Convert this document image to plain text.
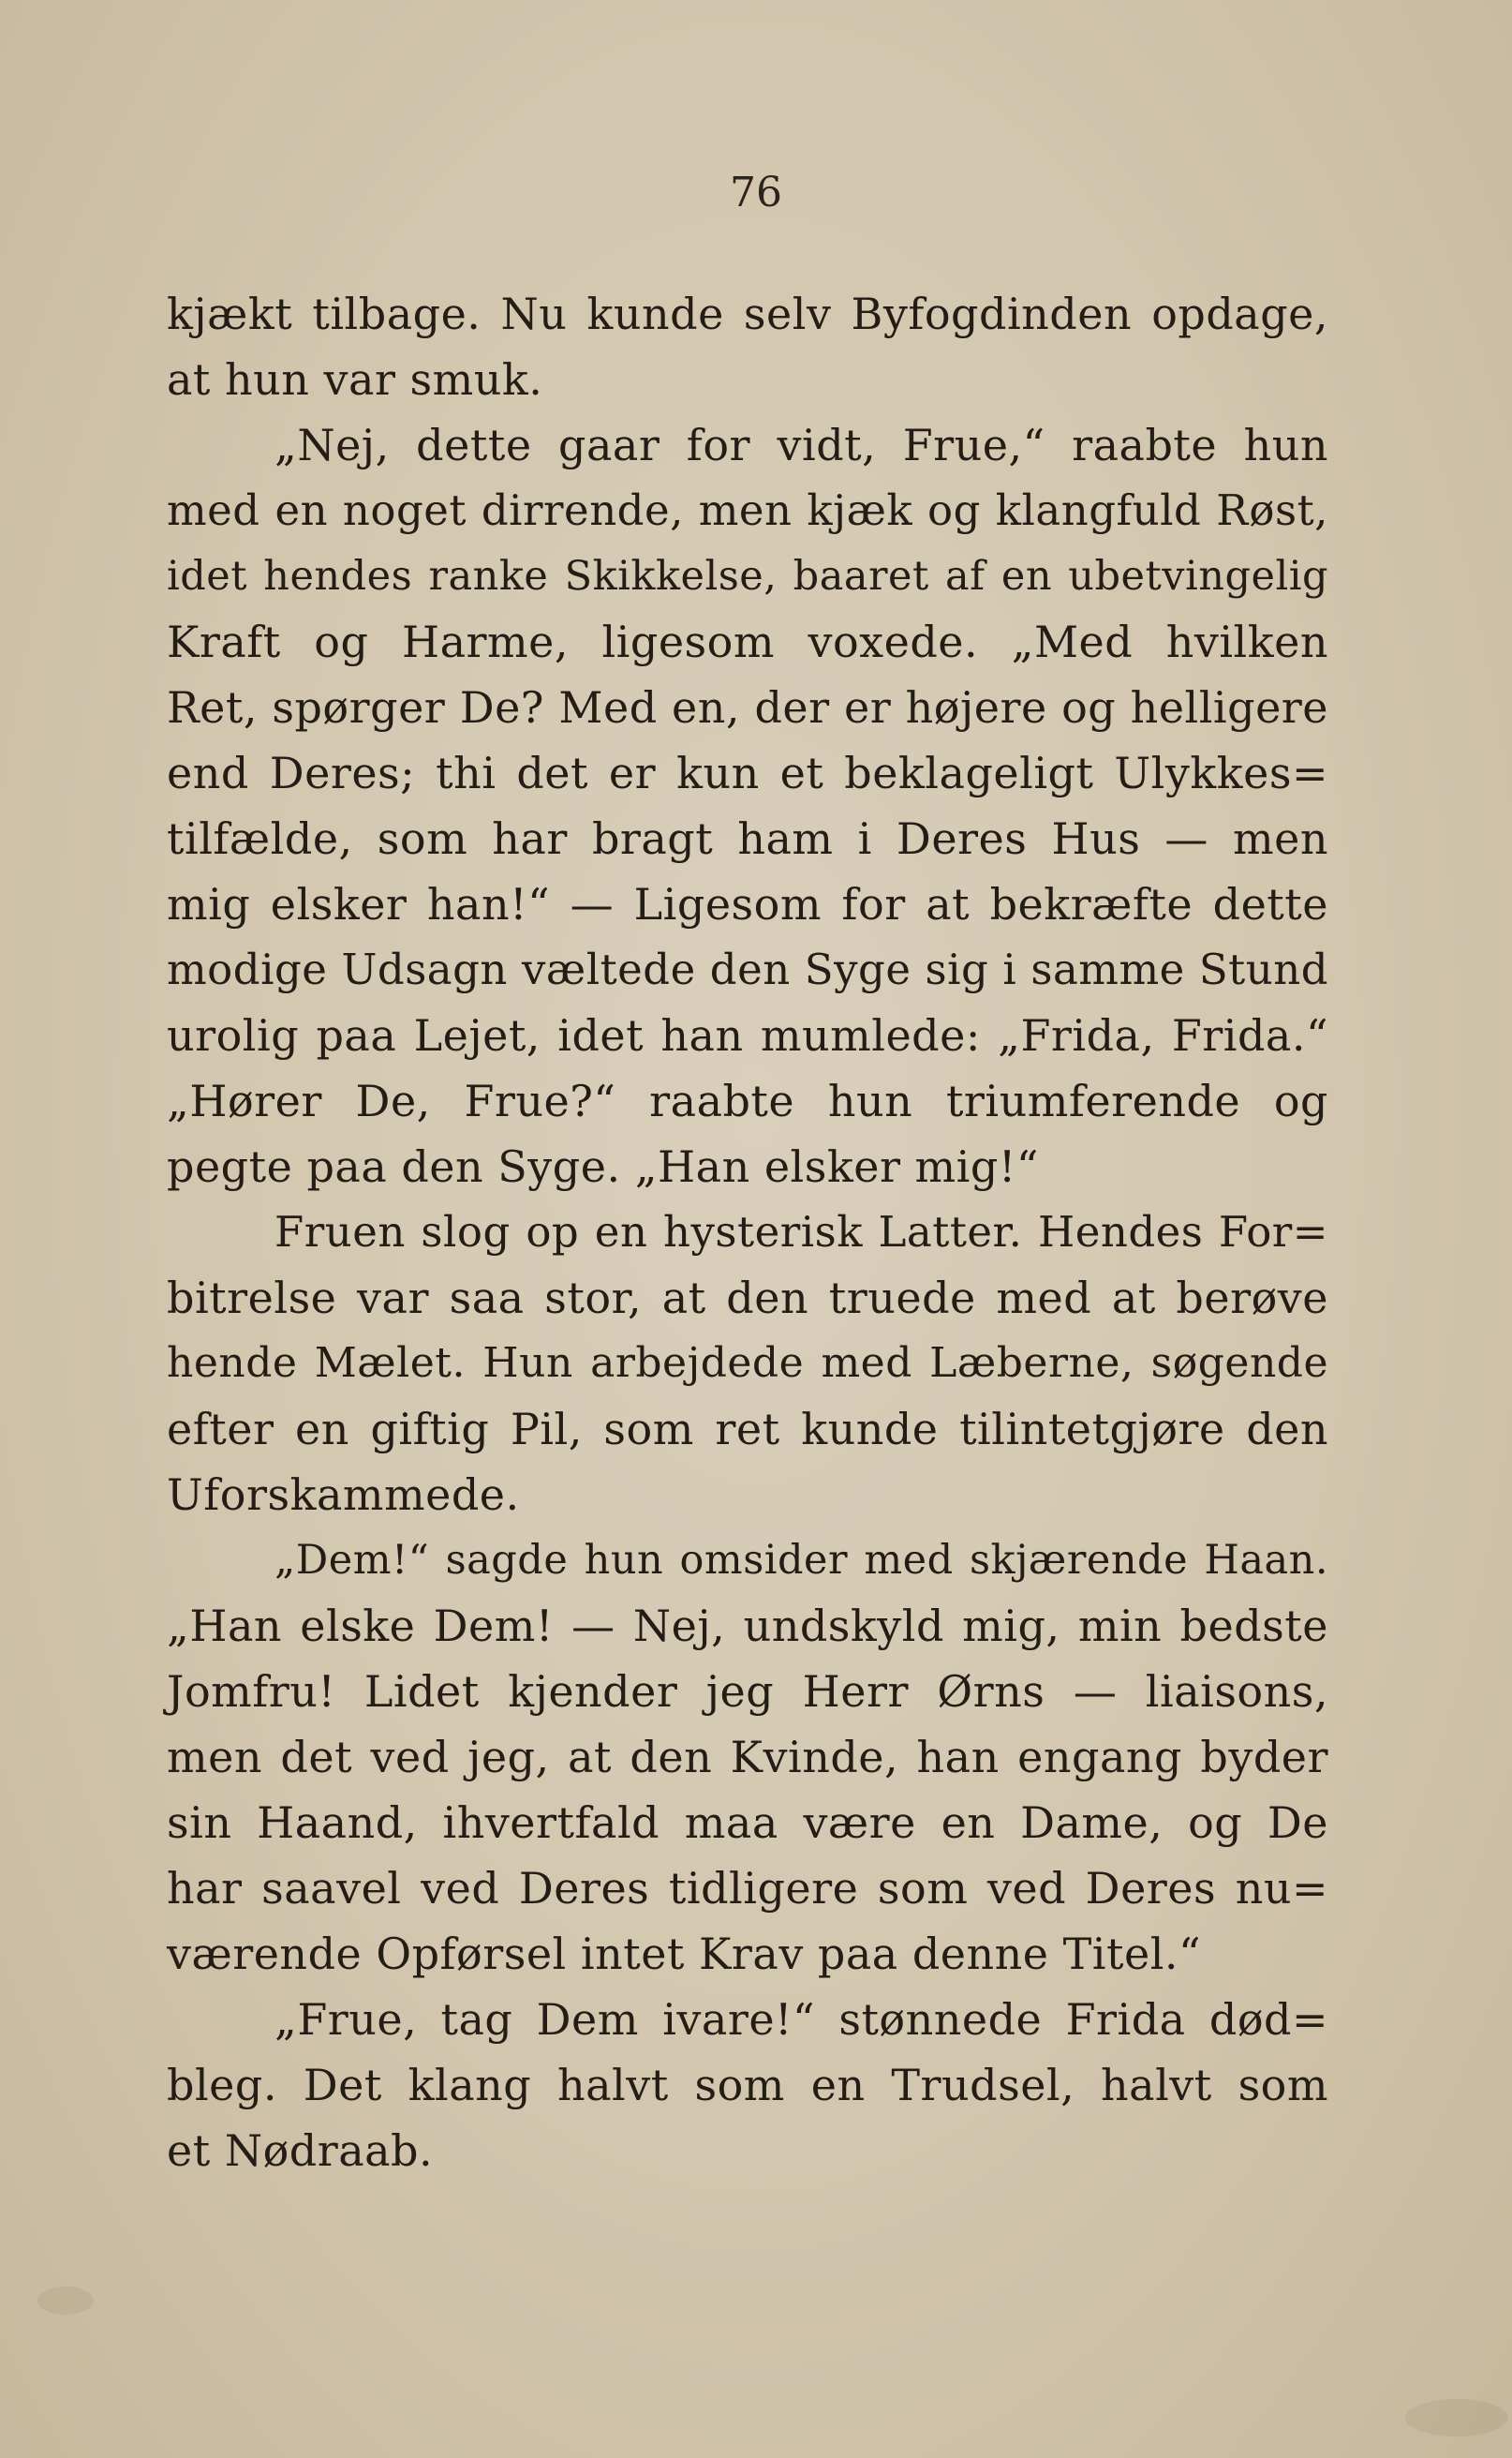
76

kjækt tilbage. Nu kunde selv Byfogdinden opdage,
at hun var smuk.
„Nej, dette gaar for vidt, Frue,“ raabte hun
med en noget dirrende, men kjæk og klangfuld Røst,
idet hendes ranke Skikkelse, baaret af en ubetvingelig
Kraft og Harme, ligesom voxede. „Med hvilken
Ret, spørger De? Med en, der er højere og helligere
end Deres; thi det er kun et beklageligt Ulykkes=
tilfælde, som har bragt ham i Deres Hus — men
mig elsker han!“ — Ligesom for at bekræfte dette
modige Udsagn væltede den Syge sig i samme Stund
urolig paa Lejet, idet han mumlede: „Frida, Frida.“
„Hører De, Frue?“ raabte hun triumferende og
pegte paa den Syge. „Han elsker mig!“
Fruen slog op en hysterisk Latter. Hendes For=
bitrelse var saa stor, at den truede med at berøve
hende Mælet. Hun arbejdede med Læberne, søgende
efter en giftig Pil, som ret kunde tilintetgjøre den
Uforskammede.
„Dem!“ sagde hun omsider med skjærende Haan.
„Han elske Dem! — Nej, undskyld mig, min bedste
Jomfru! Lidet kjender jeg Herr Ørns — liaisons,
men det ved jeg, at den Kvinde, han engang byder
sin Haand, ihvertfald maa være en Dame, og De
har saavel ved Deres tidligere som ved Deres nu=
værende Opførsel intet Krav paa denne Titel.“
„Frue, tag Dem ivare!“ stønnede Frida død=
bleg. Det klang halvt som en Trudsel, halvt som
et Nødraab.
